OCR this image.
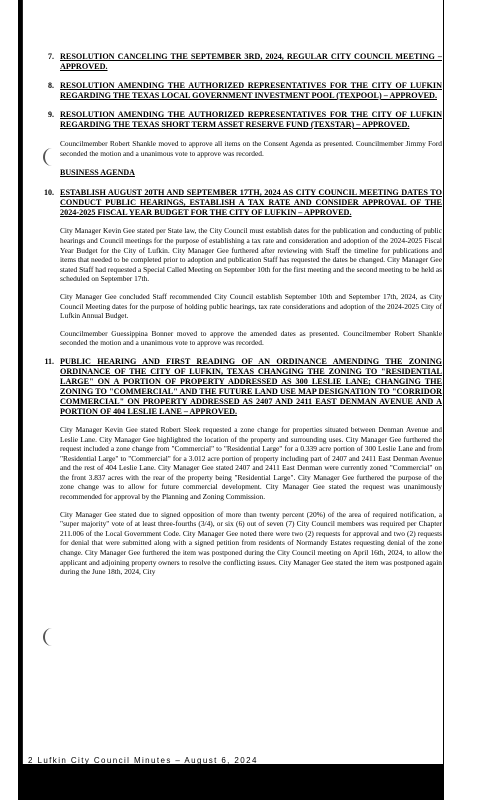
7. RESOLUTION CANCELING THE SEPTEMBER 3RD, 2024, REGULAR CITY COUNCIL MEETING – APPROVED.
8. RESOLUTION AMENDING THE AUTHORIZED REPRESENTATIVES FOR THE CITY OF LUFKIN REGARDING THE TEXAS LOCAL GOVERNMENT INVESTMENT POOL (TEXPOOL) – APPROVED.
9. RESOLUTION AMENDING THE AUTHORIZED REPRESENTATIVES FOR THE CITY OF LUFKIN REGARDING THE TEXAS SHORT TERM ASSET RESERVE FUND (TEXSTAR) – APPROVED.
Councilmember Robert Shankle moved to approve all items on the Consent Agenda as presented. Councilmember Jimmy Ford seconded the motion and a unanimous vote to approve was recorded.
BUSINESS AGENDA
10. ESTABLISH AUGUST 20TH AND SEPTEMBER 17TH, 2024 AS CITY COUNCIL MEETING DATES TO CONDUCT PUBLIC HEARINGS, ESTABLISH A TAX RATE AND CONSIDER APPROVAL OF THE 2024-2025 FISCAL YEAR BUDGET FOR THE CITY OF LUFKIN – APPROVED.
City Manager Kevin Gee stated per State law, the City Council must establish dates for the publication and conducting of public hearings and Council meetings for the purpose of establishing a tax rate and consideration and adoption of the 2024-2025 Fiscal Year Budget for the City of Lufkin. City Manager Gee furthered after reviewing with Staff the timeline for publications and items that needed to be completed prior to adoption and publication Staff has requested the dates be changed. City Manager Gee stated Staff had requested a Special Called Meeting on September 10th for the first meeting and the second meeting to be held as scheduled on September 17th.
City Manager Gee concluded Staff recommended City Council establish September 10th and September 17th, 2024, as City Council Meeting dates for the purpose of holding public hearings, tax rate considerations and adoption of the 2024-2025 City of Lufkin Annual Budget.
Councilmember Guessippina Bonner moved to approve the amended dates as presented. Councilmember Robert Shankle seconded the motion and a unanimous vote to approve was recorded.
11. PUBLIC HEARING AND FIRST READING OF AN ORDINANCE AMENDING THE ZONING ORDINANCE OF THE CITY OF LUFKIN, TEXAS CHANGING THE ZONING TO "RESIDENTIAL LARGE" ON A PORTION OF PROPERTY ADDRESSED AS 300 LESLIE LANE; CHANGING THE ZONING TO "COMMERCIAL" AND THE FUTURE LAND USE MAP DESIGNATION TO "CORRIDOR COMMERCIAL" ON PROPERTY ADDRESSED AS 2407 AND 2411 EAST DENMAN AVENUE AND A PORTION OF 404 LESLIE LANE – APPROVED.
City Manager Kevin Gee stated Robert Sleek requested a zone change for properties situated between Denman Avenue and Leslie Lane. City Manager Gee highlighted the location of the property and surrounding uses. City Manager Gee furthered the request included a zone change from "Commercial" to "Residential Large" for a 0.339 acre portion of 300 Leslie Lane and from "Residential Large" to "Commercial" for a 3.012 acre portion of property including part of 2407 and 2411 East Denman Avenue and the rest of 404 Leslie Lane. City Manager Gee stated 2407 and 2411 East Denman were currently zoned "Commercial" on the front 3.837 acres with the rear of the property being "Residential Large". City Manager Gee furthered the purpose of the zone change was to allow for future commercial development. City Manager Gee stated the request was unanimously recommended for approval by the Planning and Zoning Commission.
City Manager Gee stated due to signed opposition of more than twenty percent (20%) of the area of required notification, a "super majority" vote of at least three-fourths (3/4), or six (6) out of seven (7) City Council members was required per Chapter 211.006 of the Local Government Code. City Manager Gee noted there were two (2) requests for approval and two (2) requests for denial that were submitted along with a signed petition from residents of Normandy Estates requesting denial of the zone change. City Manager Gee furthered the item was postponed during the City Council meeting on April 16th, 2024, to allow the applicant and adjoining property owners to resolve the conflicting issues. City Manager Gee stated the item was postponed again during the June 18th, 2024, City
2 Lufkin City Council Minutes – August 6, 2024
